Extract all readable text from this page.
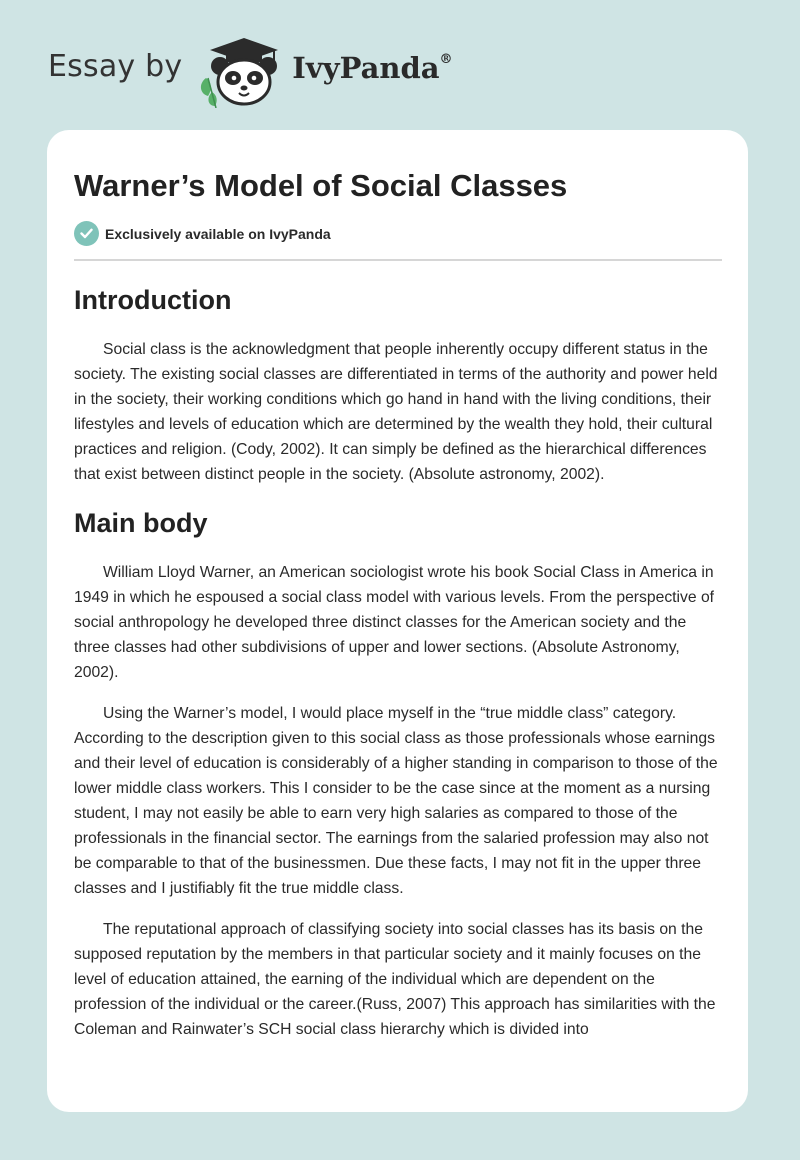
Essay by	IvyPanda®
Warner’s Model of Social Classes
Exclusively available on IvyPanda
Introduction

Social class is the acknowledgment that people inherently occupy different status in the society. The existing social classes are differentiated in terms of the authority and power held in the society, their working conditions which go hand in hand with the living conditions, their lifestyles and levels of education which are determined by the wealth they hold, their cultural practices and religion. (Cody, 2002). It can simply be defined as the hierarchical differences that exist between distinct people in the society. (Absolute astronomy, 2002).

Main body

William Lloyd Warner, an American sociologist wrote his book Social Class in America in 1949 in which he espoused a social class model with various levels. From the perspective of social anthropology he developed three distinct classes for the American society and the three classes had other subdivisions of upper and lower sections. (Absolute Astronomy, 2002).

Using the Warner’s model, I would place myself in the “true middle class” category. According to the description given to this social class as those professionals whose earnings and their level of education is considerably of a higher standing in comparison to those of the lower middle class workers. This I consider to be the case since at the moment as a nursing student, I may not easily be able to earn very high salaries as compared to those of the professionals in the financial sector. The earnings from the salaried profession may also not be comparable to that of the businessmen. Due these facts, I may not fit in the upper three classes and I justifiably fit the true middle class.

The reputational approach of classifying society into social classes has its basis on the supposed reputation by the members in that particular society and it mainly focuses on the level of education attained, the earning of the individual which are dependent on the profession of the individual or the career.(Russ, 2007) This approach has similarities with the Coleman and Rainwater’s SCH social class hierarchy which is divided into
